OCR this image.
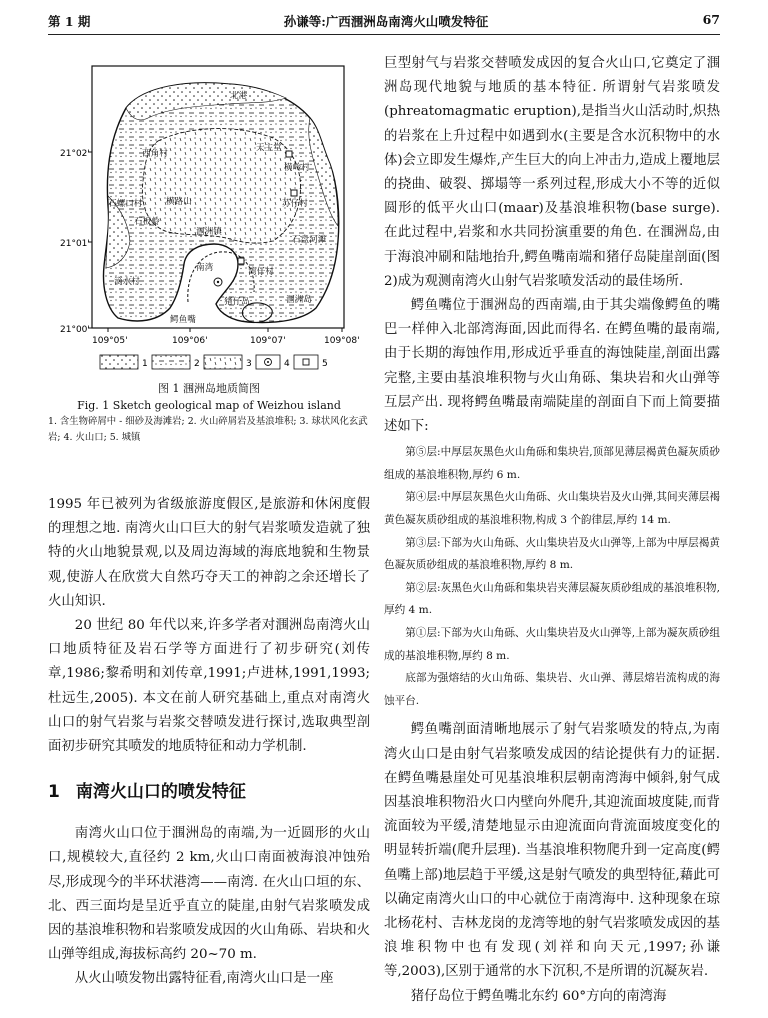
第 1 期	孙谦等:广西涠洲岛南湾火山喷发特征	67
21°02'
21°01'
21°00'
109°05'	109°06'	109°07'	109°08'
北港
西角村
天主堂
横岭村
横路山
石板岭
苏仔村
石螺口村
涠洲镇
石盘河滩
南湾	湾仔村
滴水村
猪仔岛	涠洲岛
鳄鱼嘴
1	2	3	4	5

图 1 涠洲岛地质简图

Fig. 1 Sketch geological map of Weizhou island

1. 含生物碎屑中 - 细砂及海滩岩; 2. 火山碎屑岩及基浪堆积; 3. 球状风化玄武岩; 4. 火山口; 5. 城镇

1995 年已被列为省级旅游度假区,是旅游和休闲度假的理想之地. 南湾火山口巨大的射气岩浆喷发造就了独特的火山地貌景观,以及周边海域的海底地貌和生物景观,使游人在欣赏大自然巧夺天工的神韵之余还增长了火山知识.

20 世纪 80 年代以来,许多学者对涠洲岛南湾火山口地质特征及岩石学等方面进行了初步研究(刘传章,1986;黎希明和刘传章,1991;卢进林,1991,1993;杜远生,2005). 本文在前人研究基础上,重点对南湾火山口的射气岩浆与岩浆交替喷发进行探讨,选取典型剖面初步研究其喷发的地质特征和动力学机制.

1 南湾火山口的喷发特征

南湾火山口位于涠洲岛的南端,为一近圆形的火山口,规模较大,直径约 2 km,火山口南面被海浪冲蚀殆尽,形成现今的半环状港湾——南湾. 在火山口垣的东、北、西三面均是呈近乎直立的陡崖,由射气岩浆喷发成因的基浪堆积物和岩浆喷发成因的火山角砾、岩块和火山弹等组成,海拔标高约 20~70 m.

从火山喷发物出露特征看,南湾火山口是一座

巨型射气与岩浆交替喷发成因的复合火山口,它奠定了涠洲岛现代地貌与地质的基本特征. 所谓射气岩浆喷发(phreatomagmatic eruption),是指当火山活动时,炽热的岩浆在上升过程中如遇到水(主要是含水沉积物中的水体)会立即发生爆炸,产生巨大的向上冲击力,造成上覆地层的挠曲、破裂、掷塌等一系列过程,形成大小不等的近似圆形的低平火山口(maar)及基浪堆积物(base surge). 在此过程中,岩浆和水共同扮演重要的角色. 在涠洲岛,由于海浪冲刷和陆地抬升,鳄鱼嘴南端和猪仔岛陡崖剖面(图 2)成为观测南湾火山射气岩浆喷发活动的最佳场所.

鳄鱼嘴位于涠洲岛的西南端,由于其尖端像鳄鱼的嘴巴一样伸入北部湾海面,因此而得名. 在鳄鱼嘴的最南端,由于长期的海蚀作用,形成近乎垂直的海蚀陡崖,剖面出露完整,主要由基浪堆积物与火山角砾、集块岩和火山弹等互层产出. 现将鳄鱼嘴最南端陡崖的剖面自下而上简要描述如下:

第⑤层:中厚层灰黑色火山角砾和集块岩,顶部见薄层褐黄色凝灰质砂组成的基浪堆积物,厚约 6 m.

第④层:中厚层灰黑色火山角砾、火山集块岩及火山弹,其间夹薄层褐黄色凝灰质砂组成的基浪堆积物,构成 3 个韵律层,厚约 14 m.

第③层:下部为火山角砾、火山集块岩及火山弹等,上部为中厚层褐黄色凝灰质砂组成的基浪堆积物,厚约 8 m.

第②层:灰黑色火山角砾和集块岩夹薄层凝灰质砂组成的基浪堆积物,厚约 4 m.

第①层:下部为火山角砾、火山集块岩及火山弹等,上部为凝灰质砂组成的基浪堆积物,厚约 8 m.

底部为强熔结的火山角砾、集块岩、火山弹、薄层熔岩流构成的海蚀平台.

鳄鱼嘴剖面清晰地展示了射气岩浆喷发的特点,为南湾火山口是由射气岩浆喷发成因的结论提供有力的证据. 在鳄鱼嘴悬崖处可见基浪堆积层朝南湾海中倾斜,射气成因基浪堆积物沿火口内壁向外爬升,其迎流面坡度陡,而背流面较为平缓,清楚地显示由迎流面向背流面坡度变化的明显转折端(爬升层理). 当基浪堆积物爬升到一定高度(鳄鱼嘴上部)地层趋于平缓,这是射气喷发的典型特征,藉此可以确定南湾火山口的中心就位于南湾海中. 这种现象在琼北杨花村、吉林龙岗的龙湾等地的射气岩浆喷发成因的基浪堆积物中也有发现(刘祥和向天元,1997;孙谦等,2003),区别于通常的水下沉积,不是所谓的沉凝灰岩.

猪仔岛位于鳄鱼嘴北东约 60°方向的南湾海
